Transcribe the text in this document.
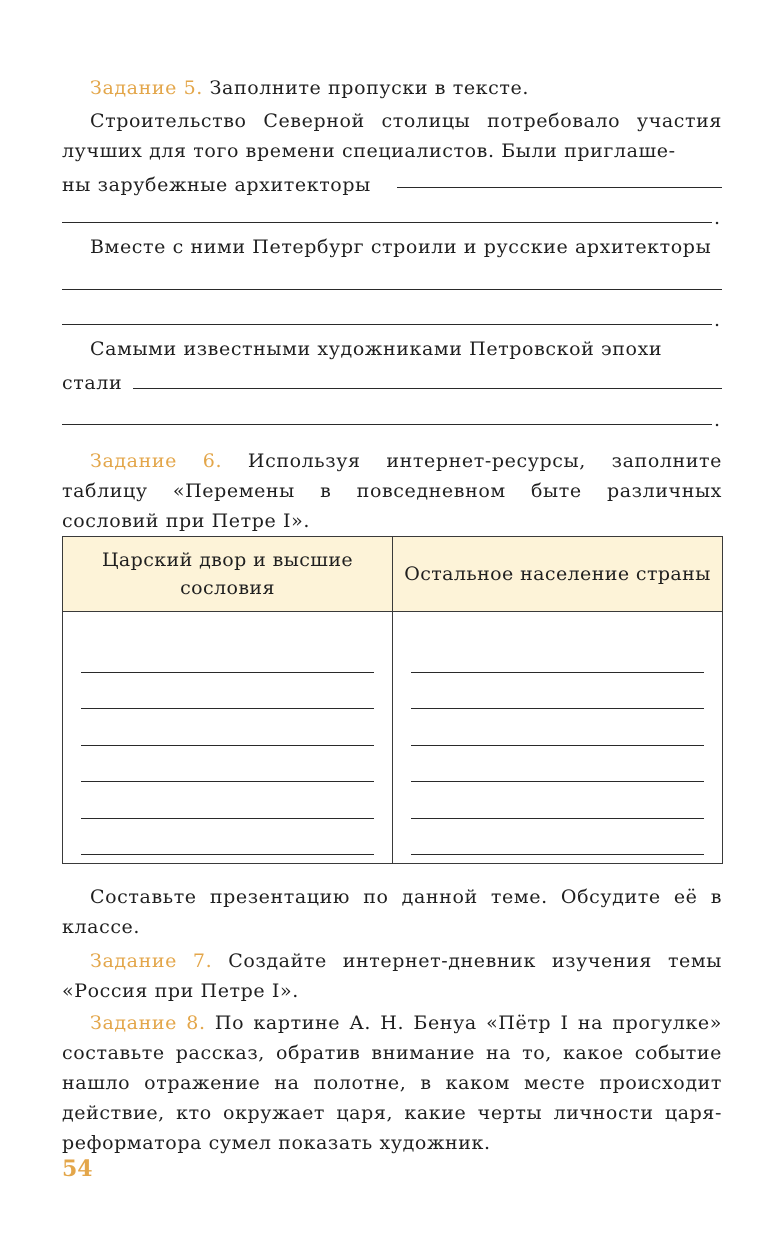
Задание 5. Заполните пропуски в тексте.

Строительство Северной столицы потребовало участия лучших для того времени специалистов. Были приглаше-

ны зарубежные архитекторы
.

Вместе с ними Петербург строили и русские архитекторы

.

Самыми известными художниками Петровской эпохи

стали
.

Задание 6. Используя интернет-ресурсы, заполните таблицу «Перемены в повседневном быте различных сословий при Петре I».

Царский двор и высшие сословия	Остальное население страны

Составьте презентацию по данной теме. Обсудите её в классе.

Задание 7. Создайте интернет-дневник изучения темы «Россия при Петре I».

Задание 8. По картине А. Н. Бенуа «Пётр I на прогулке» составьте рассказ, обратив внимание на то, какое событие нашло отражение на полотне, в каком месте происходит действие, кто окружает царя, какие черты личности царя-реформатора сумел показать художник.

54
